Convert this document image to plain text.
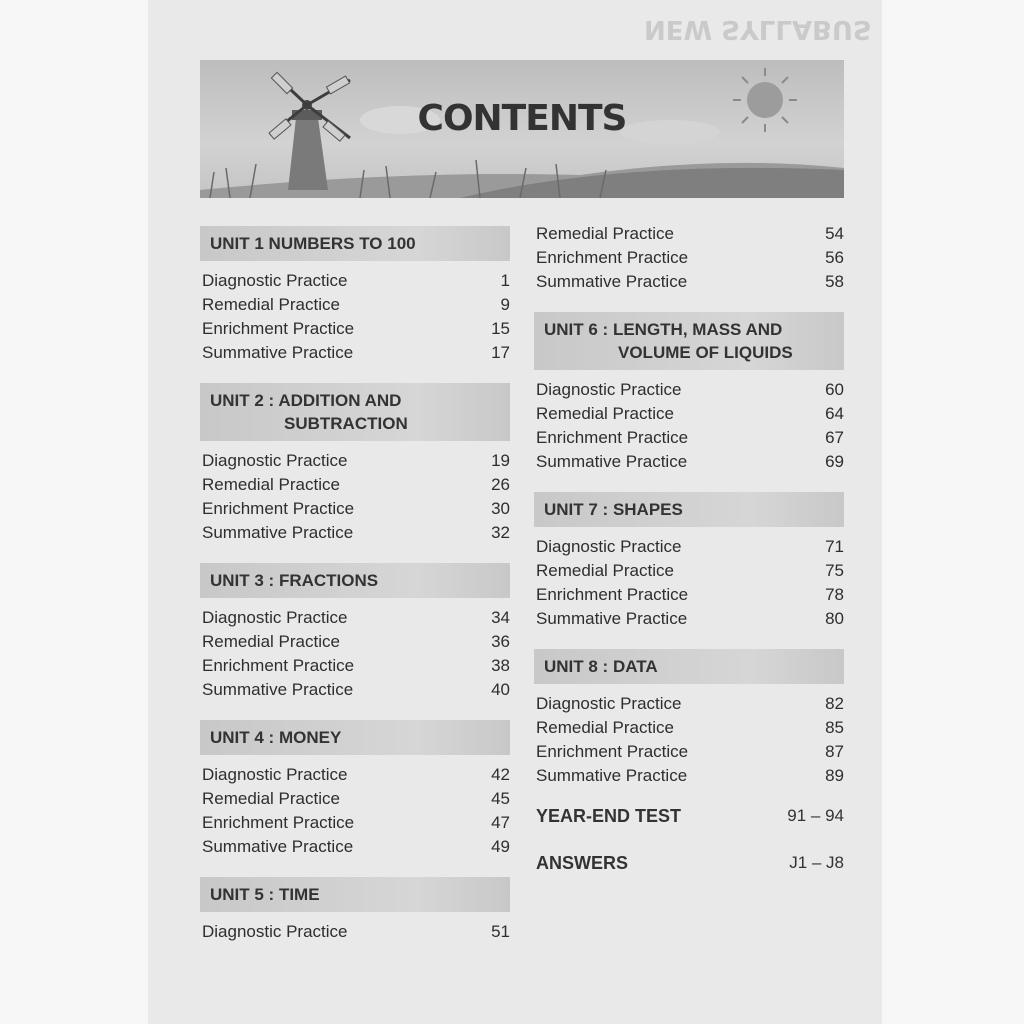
NEW SYLLABUS
CONTENTS
UNIT 1 NUMBERS TO 100
Diagnostic Practice	1
Remedial Practice	9
Enrichment Practice	15
Summative Practice	17
UNIT 2 : ADDITION AND
SUBTRACTION
Diagnostic Practice	19
Remedial Practice	26
Enrichment Practice	30
Summative Practice	32
UNIT 3 : FRACTIONS
Diagnostic Practice	34
Remedial Practice	36
Enrichment Practice	38
Summative Practice	40
UNIT 4 : MONEY
Diagnostic Practice	42
Remedial Practice	45
Enrichment Practice	47
Summative Practice	49
UNIT 5 : TIME
Diagnostic Practice	51
Remedial Practice	54
Enrichment Practice	56
Summative Practice	58
UNIT 6 : LENGTH, MASS AND
VOLUME OF LIQUIDS
Diagnostic Practice	60
Remedial Practice	64
Enrichment Practice	67
Summative Practice	69
UNIT 7 : SHAPES
Diagnostic Practice	71
Remedial Practice	75
Enrichment Practice	78
Summative Practice	80
UNIT 8 : DATA
Diagnostic Practice	82
Remedial Practice	85
Enrichment Practice	87
Summative Practice	89
YEAR-END TEST	91 – 94
ANSWERS	J1 – J8
